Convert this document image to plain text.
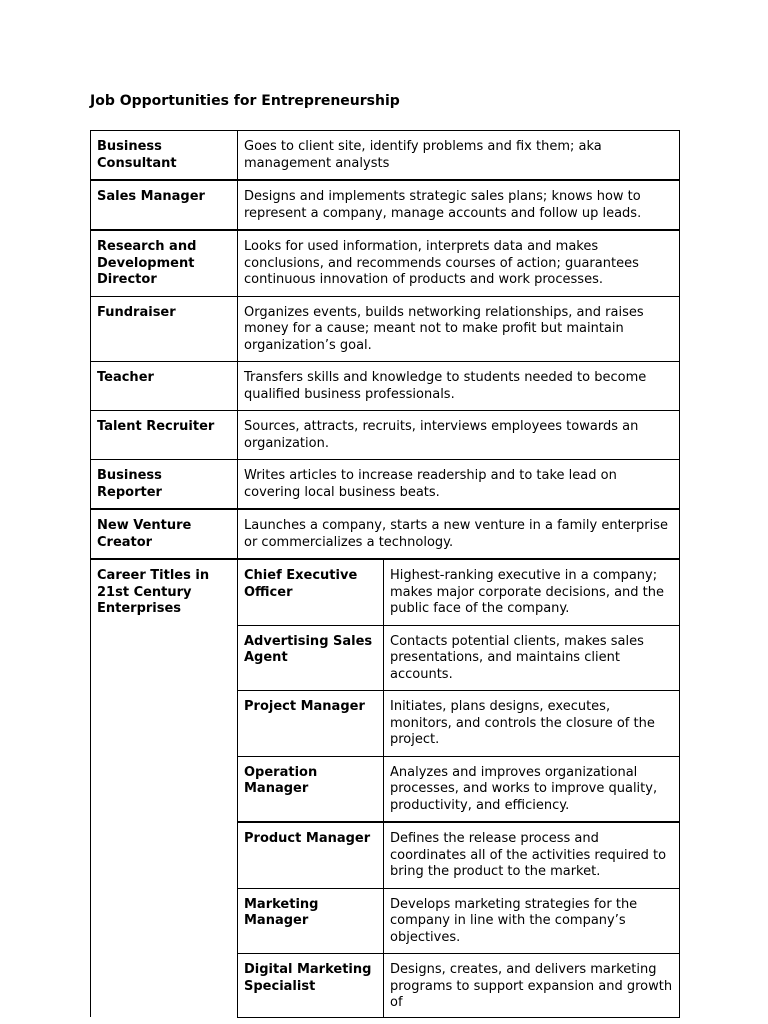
Job Opportunities for Entrepreneurship
Business Consultant	Goes to client site, identify problems and fix them; aka management analysts	
Sales Manager	Designs and implements strategic sales plans; knows how to represent a company, manage accounts and follow up leads.	
Research and Development Director	Looks for used information, interprets data and makes conclusions, and recommends courses of action; guarantees continuous innovation of products and work processes.	
Fundraiser	Organizes events, builds networking relationships, and raises money for a cause; meant not to make profit but maintain organization’s goal.	
Teacher	Transfers skills and knowledge to students needed to become qualified business professionals.	
Talent Recruiter	Sources, attracts, recruits, interviews employees towards an organization.	
Business Reporter	Writes articles to increase readership and to take lead on covering local business beats.	
New Venture Creator	Launches a company, starts a new venture in a family enterprise or commercializes a technology.	
Career Titles in 21st Century Enterprises	Chief Executive Officer	Highest-ranking executive in a company; makes major corporate decisions, and the public face of the company.
	Advertising Sales Agent	Contacts potential clients, makes sales presentations, and maintains client accounts.
	Project Manager	Initiates, plans designs, executes, monitors, and controls the closure of the project.
	Operation Manager	Analyzes and improves organizational processes, and works to improve quality, productivity, and efficiency.
	Product Manager	Defines the release process and coordinates all of the activities required to bring the product to the market.
	Marketing Manager	Develops marketing strategies for the company in line with the company’s objectives.
	Digital Marketing Specialist	Designs, creates, and delivers marketing programs to support expansion and growth of
